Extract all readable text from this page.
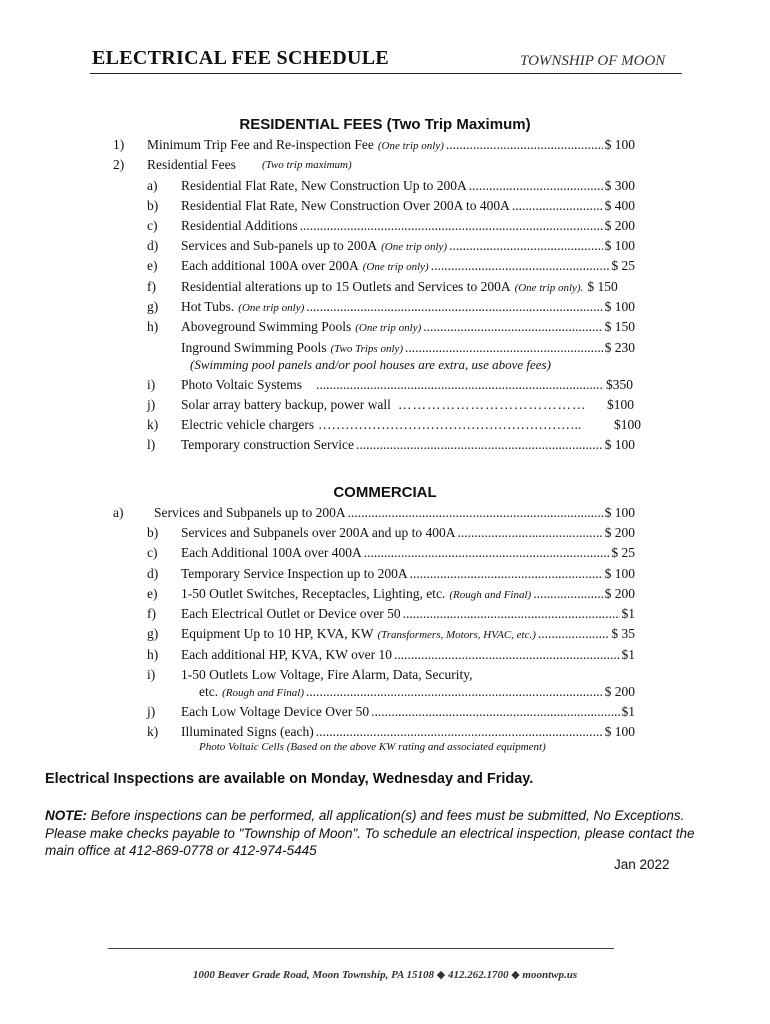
ELECTRICAL FEE SCHEDULE	TOWNSHIP OF MOON
RESIDENTIAL FEES (Two Trip Maximum)
1) Minimum Trip Fee and Re-inspection Fee (One trip only) .....	$ 100
2) Residential Fees (Two trip maximum)
a) Residential Flat Rate, New Construction Up to 200A .....	$ 300
b) Residential Flat Rate, New Construction Over 200A to 400A .....	$ 400
c) Residential Additions .....	$ 200
d) Services and Sub-panels up to 200A (One trip only) .....	$ 100
e) Each additional 100A over 200A (One trip only) .....	$ 25
f) Residential alterations up to 15 Outlets and Services to 200A (One trip only). $ 150
g) Hot Tubs. (One trip only) .....	$ 100
h) Aboveground Swimming Pools (One trip only) .....	$ 150
Inground Swimming Pools (Two Trips only) .....	$ 230
(Swimming pool panels and/or pool houses are extra, use above fees)
i) Photo Voltaic Systems .....	$350
j) Solar array battery backup, power wall ………………………………… $100
k) Electric vehicle chargers ………………………………………………….. $100
l) Temporary construction Service .....	$ 100
COMMERCIAL
a) Services and Subpanels up to 200A .....	$ 100
b) Services and Subpanels over 200A and up to 400A .....	$ 200
c) Each Additional 100A over 400A .....	$ 25
d) Temporary Service Inspection up to 200A .....	$ 100
e) 1-50 Outlet Switches, Receptacles, Lighting, etc. (Rough and Final) .....	$ 200
f) Each Electrical Outlet or Device over 50 .....	$1
g) Equipment Up to 10 HP, KVA, KW (Transformers, Motors, HVAC, etc.) .....	$ 35
h) Each additional HP, KVA, KW over 10 .....	$1
i) 1-50 Outlets Low Voltage, Fire Alarm, Data, Security,
etc. (Rough and Final) .....	$ 200
j) Each Low Voltage Device Over 50 .....	$1
k) Illuminated Signs (each) .....	$ 100
Photo Voltaic Cells (Based on the above KW rating and associated equipment)
Electrical Inspections are available on Monday, Wednesday and Friday.
NOTE: Before inspections can be performed, all application(s) and fees must be submitted, No Exceptions. Please make checks payable to "Township of Moon". To schedule an electrical inspection, please contact the main office at 412-869-0778 or 412-974-5445
Jan 2022
1000 Beaver Grade Road, Moon Township, PA 15108 ◆ 412.262.1700 ◆ moontwp.us
